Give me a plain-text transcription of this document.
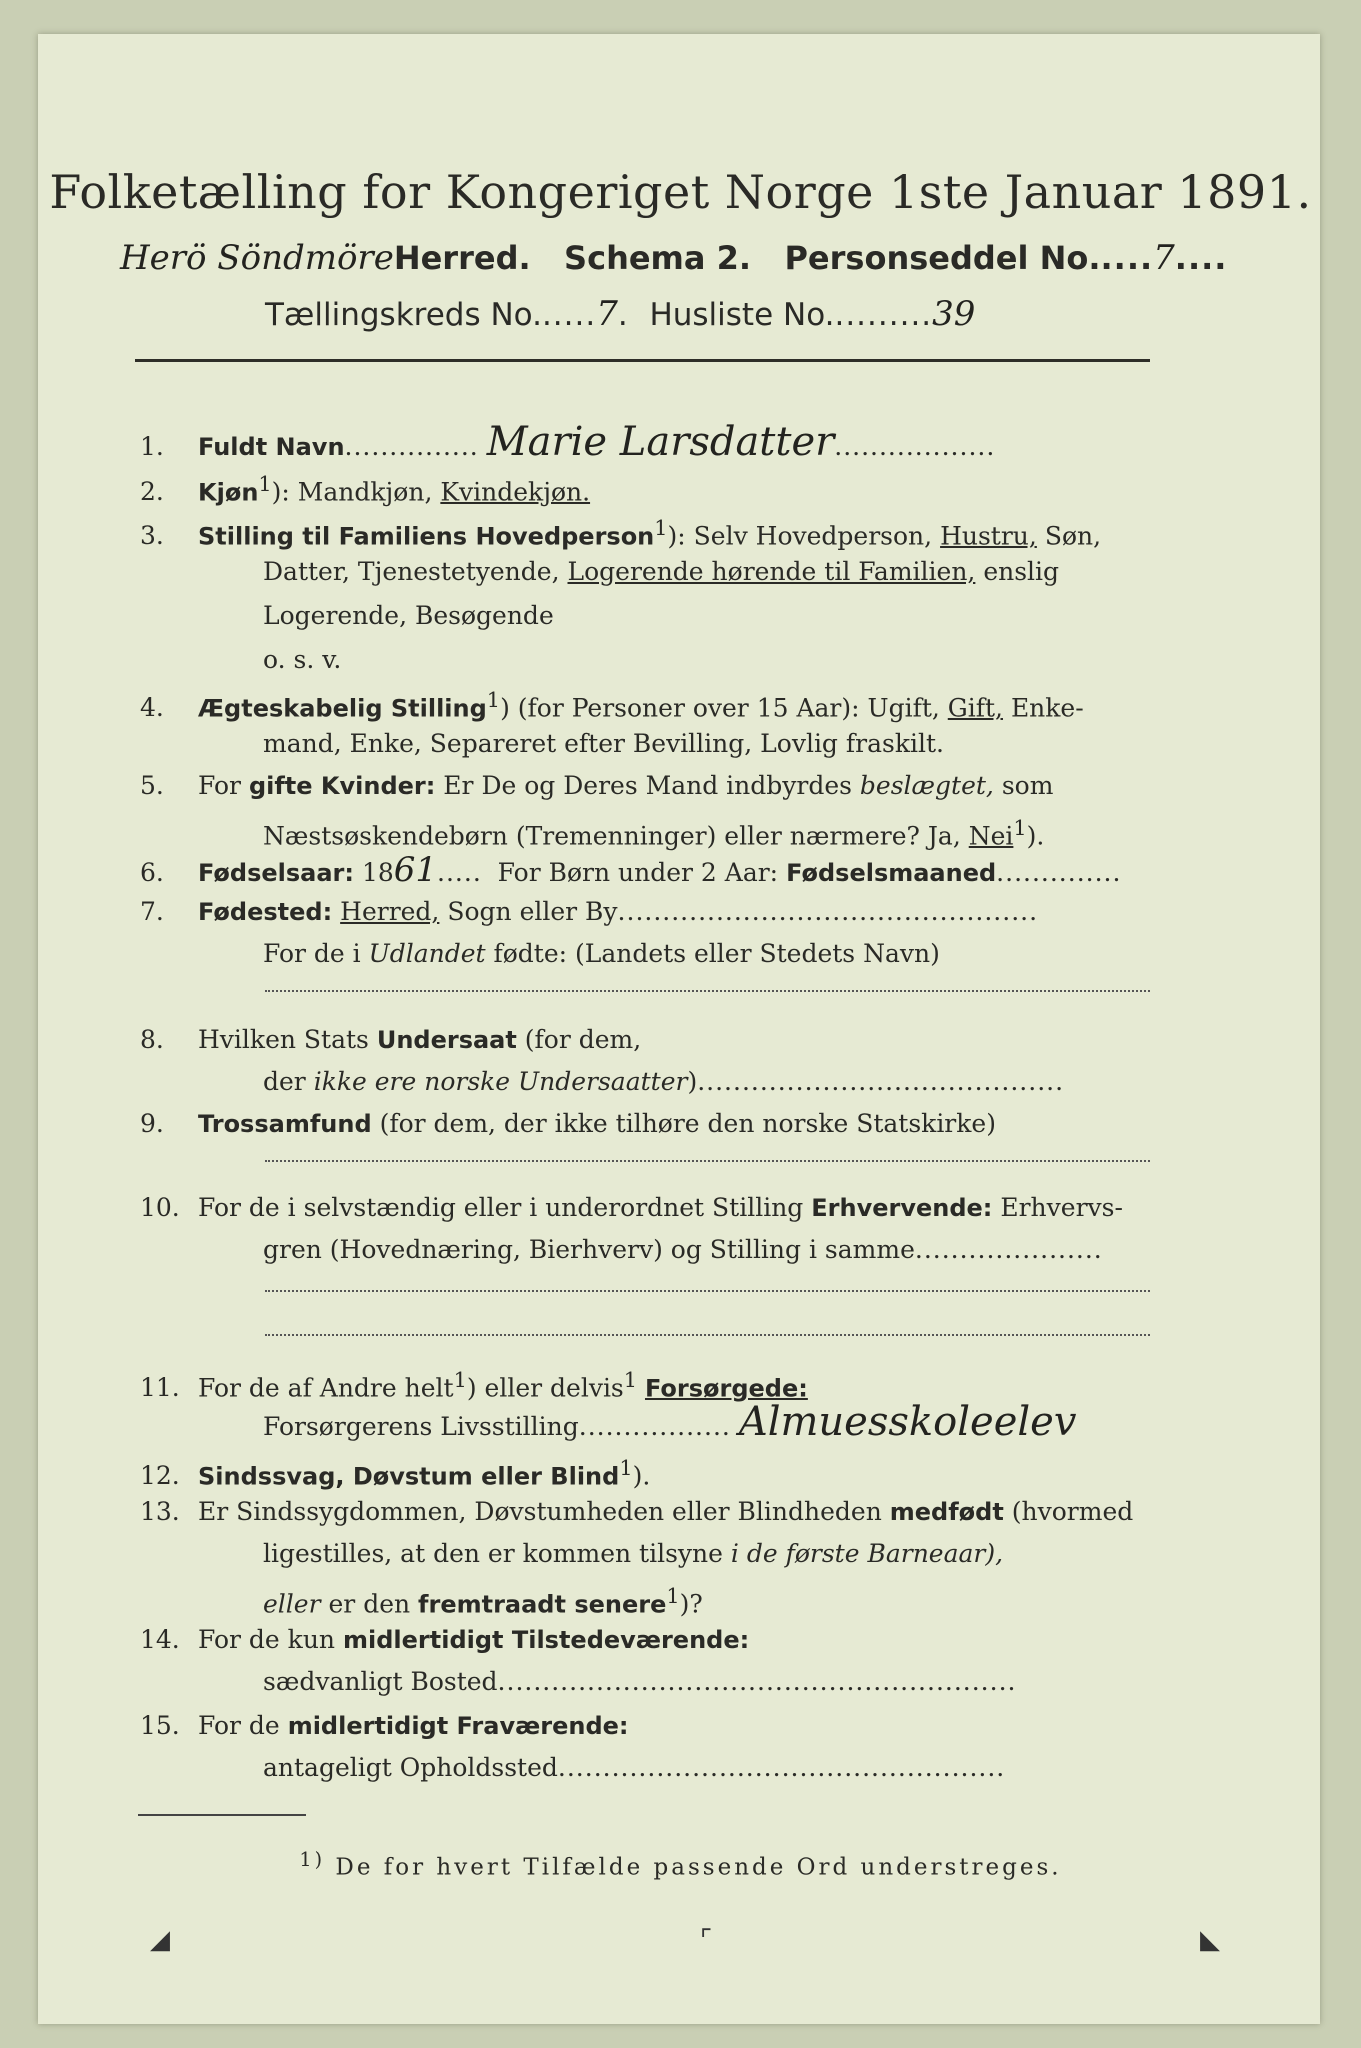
Folketælling for Kongeriget Norge 1ste Januar 1891.
Herö SöndmöreHerred. Schema 2. Personseddel No.....7....
Tællingskreds No......7.  Husliste No..........39
1. Fuldt Navn............... Marie Larsdatter..................
2. Kjøn$^1$): Mandkjøn, Kvindekjøn.
3. Stilling til Familiens Hovedperson$^1$): Selv Hovedperson, Hustru, Søn,
Datter, Tjenestetyende, Logerende hørende til Familien, enslig
Logerende, Besøgende
o. s. v.
4. Ægteskabelig Stilling$^1$) (for Personer over 15 Aar): Ugift, Gift, Enke-
mand, Enke, Separeret efter Bevilling, Lovlig fraskilt.
5. For gifte Kvinder: Er De og Deres Mand indbyrdes beslægtet, som
Næstsøskendebørn (Tremenninger) eller nærmere? Ja, Nei$^1$).
6. Fødselsaar: 1861..... For Børn under 2 Aar: Fødselsmaaned..............
7. Fødested: Herred, Sogn eller By...............................................
For de i Udlandet fødte: (Landets eller Stedets Navn)
8. Hvilken Stats Undersaat (for dem,
der ikke ere norske Undersaatter).........................................
9. Trossamfund (for dem, der ikke tilhøre den norske Statskirke)
10. For de i selvstændig eller i underordnet Stilling Erhvervende: Erhvervs-
gren (Hovednæring, Bierhverv) og Stilling i samme.....................
11. For de af Andre helt$^1$) eller delvis$^1$ Forsørgede:
Forsørgerens Livsstilling................. Almuesskoleelev
12. Sindssvag, Døvstum eller Blind$^1$).
13. Er Sindssygdommen, Døvstumheden eller Blindheden medfødt (hvormed
ligestilles, at den er kommen tilsyne i de første Barneaar),
eller er den fremtraadt senere$^1$)?
14. For de kun midlertidigt Tilstedeværende:
sædvanligt Bosted..........................................................
15. For de midlertidigt Fraværende:
antageligt Opholdssted..................................................
$^{1)}$ De for hvert Tilfælde passende Ord understreges.
◢	⌜	◣
